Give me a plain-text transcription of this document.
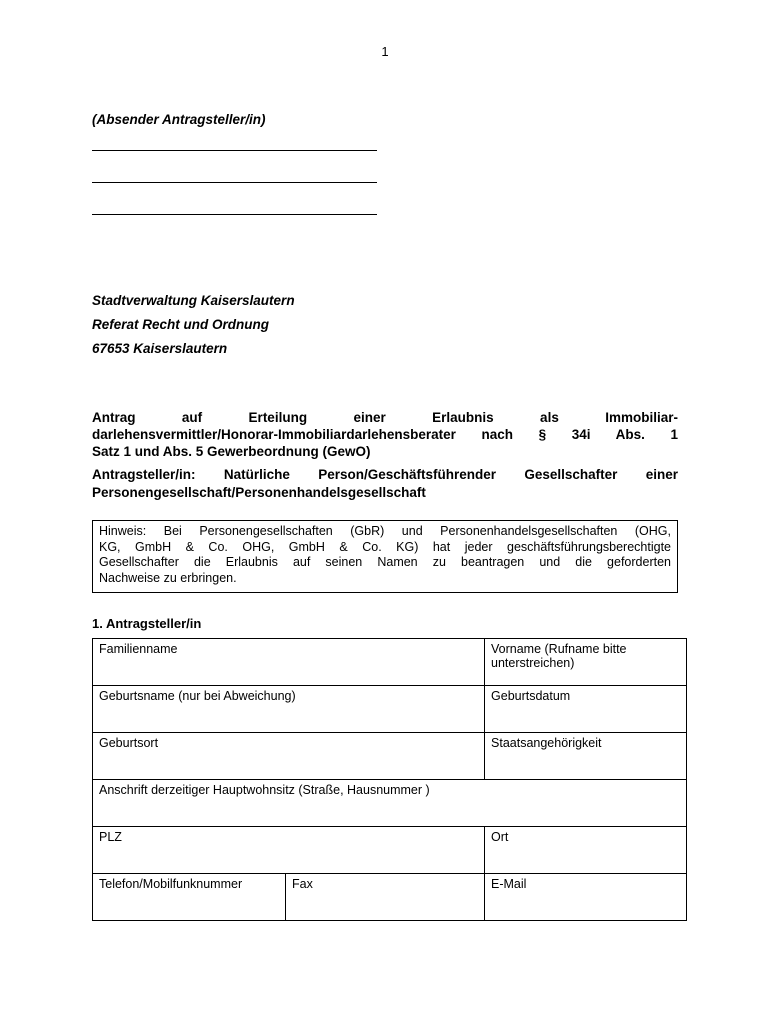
1
(Absender Antragsteller/in)
Stadtverwaltung Kaiserslautern
Referat Recht und Ordnung
67653 Kaiserslautern
Antrag auf Erteilung einer Erlaubnis als Immobiliar-
darlehensvermittler/Honorar-Immobiliardarlehensberater nach § 34i Abs. 1
Satz 1 und Abs. 5 Gewerbeordnung (GewO)
Antragsteller/in: Natürliche Person/Geschäftsführender Gesellschafter einer
Personengesellschaft/Personenhandelsgesellschaft
Hinweis: Bei Personengesellschaften (GbR) und Personenhandelsgesellschaften (OHG,
KG, GmbH & Co. OHG, GmbH & Co. KG) hat jeder geschäftsführungsberechtigte
Gesellschafter die Erlaubnis auf seinen Namen zu beantragen und die geforderten
Nachweise zu erbringen.
1. Antragsteller/in
Familienname		Vorname (Rufname bitte unterstreichen)
Geburtsname (nur bei Abweichung)		Geburtsdatum
Geburtsort		Staatsangehörigkeit
Anschrift derzeitiger Hauptwohnsitz (Straße, Hausnummer )		
PLZ		Ort
Telefon/Mobilfunknummer	Fax	E-Mail
